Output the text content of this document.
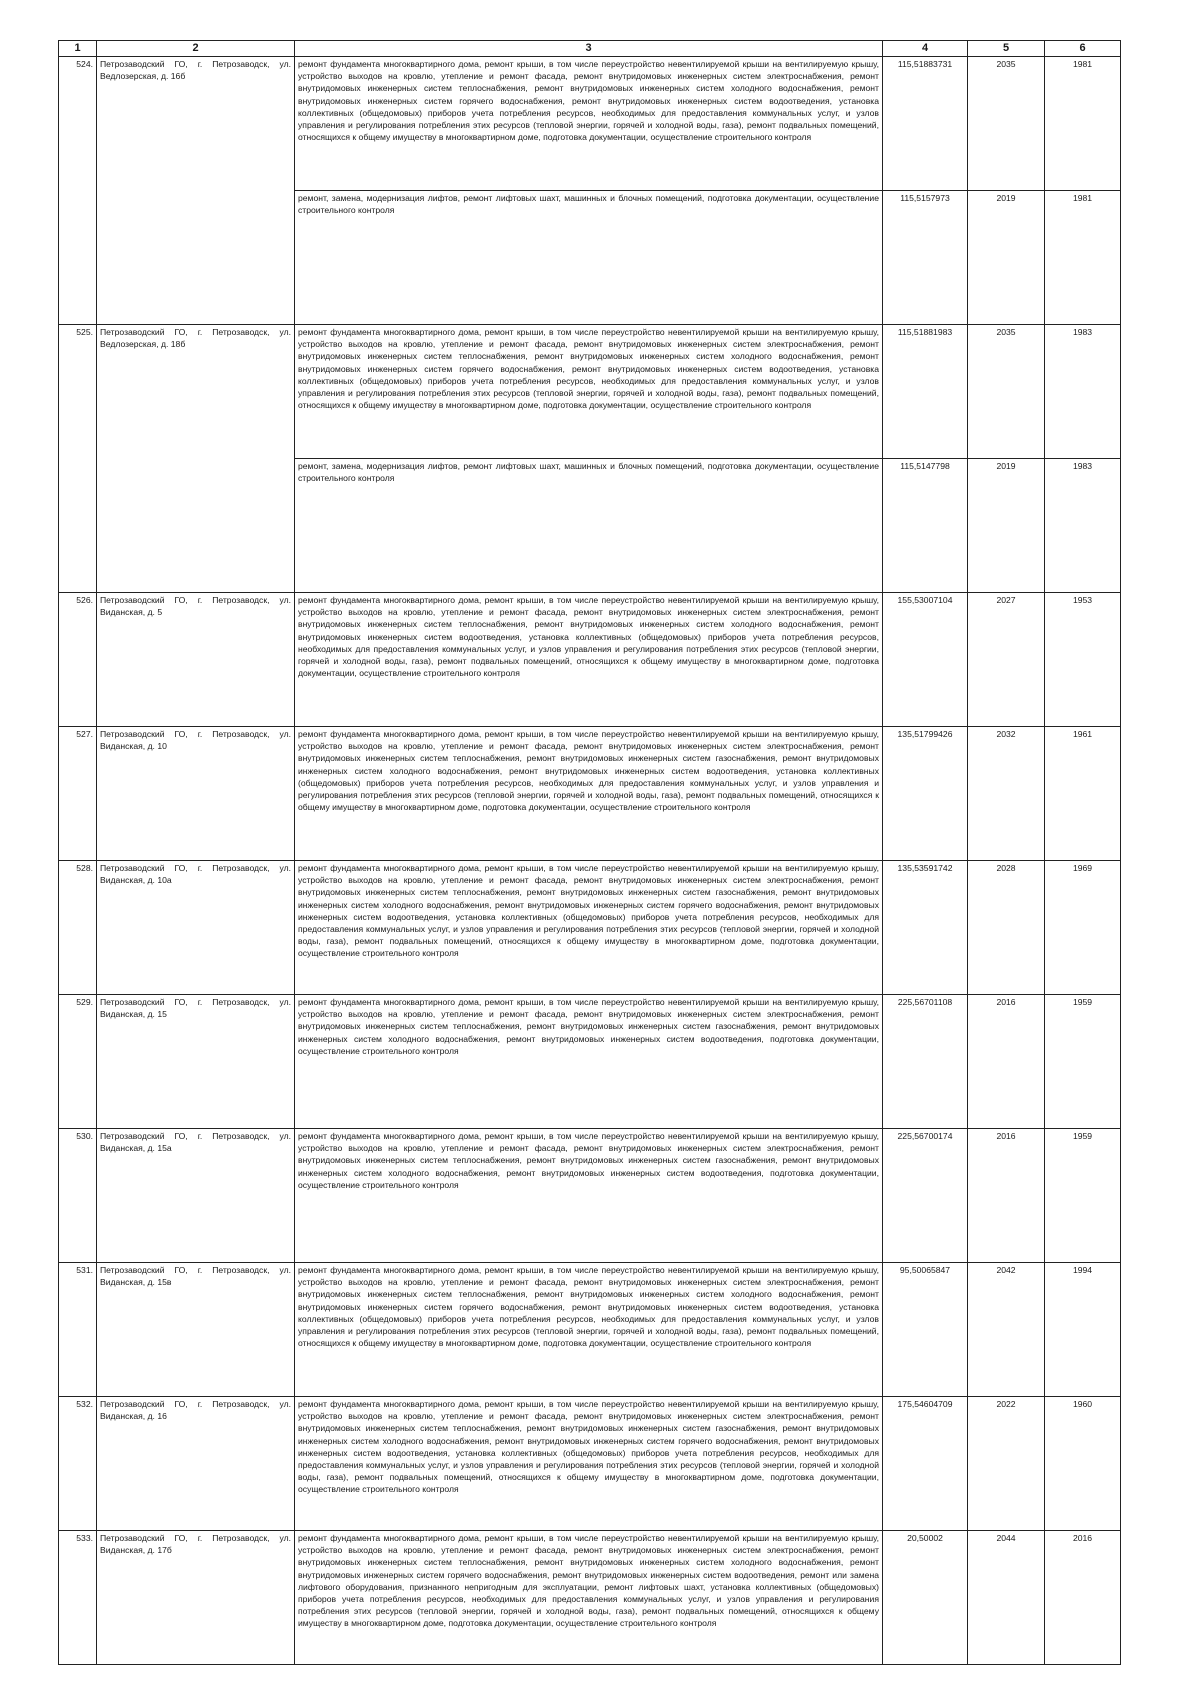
1	2	3	4	5	6
524.	Петрозаводский ГО, г. Петрозаводск, ул. Ведлозерская, д. 16б	ремонт фундамента многоквартирного дома, ремонт крыши, в том числе переустройство невентилируемой крыши на вентилируемую крышу, устройство выходов на кровлю, утепление и ремонт фасада, ремонт внутридомовых инженерных систем электроснабжения, ремонт внутридомовых инженерных систем теплоснабжения, ремонт внутридомовых инженерных систем холодного водоснабжения, ремонт внутридомовых инженерных систем горячего водоснабжения, ремонт внутридомовых инженерных систем водоотведения, установка коллективных (общедомовых) приборов учета потребления ресурсов, необходимых для предоставления коммунальных услуг, и узлов управления и регулирования потребления этих ресурсов (тепловой энергии, горячей и холодной воды, газа), ремонт подвальных помещений, относящихся к общему имуществу в многоквартирном доме, подготовка документации, осуществление строительного контроля	115,51883731	2035	1981
		ремонт, замена, модернизация лифтов, ремонт лифтовых шахт, машинных и блочных помещений, подготовка документации, осуществление строительного контроля	115,5157973	2019	1981
525.	Петрозаводский ГО, г. Петрозаводск, ул. Ведлозерская, д. 18б	ремонт фундамента многоквартирного дома, ремонт крыши, в том числе переустройство невентилируемой крыши на вентилируемую крышу, устройство выходов на кровлю, утепление и ремонт фасада, ремонт внутридомовых инженерных систем электроснабжения, ремонт внутридомовых инженерных систем теплоснабжения, ремонт внутридомовых инженерных систем холодного водоснабжения, ремонт внутридомовых инженерных систем горячего водоснабжения, ремонт внутридомовых инженерных систем водоотведения, установка коллективных (общедомовых) приборов учета потребления ресурсов, необходимых для предоставления коммунальных услуг, и узлов управления и регулирования потребления этих ресурсов (тепловой энергии, горячей и холодной воды, газа), ремонт подвальных помещений, относящихся к общему имуществу в многоквартирном доме, подготовка документации, осуществление строительного контроля	115,51881983	2035	1983
		ремонт, замена, модернизация лифтов, ремонт лифтовых шахт, машинных и блочных помещений, подготовка документации, осуществление строительного контроля	115,5147798	2019	1983
526.	Петрозаводский ГО, г. Петрозаводск, ул. Виданская, д. 5	ремонт фундамента многоквартирного дома, ремонт крыши, в том числе переустройство невентилируемой крыши на вентилируемую крышу, устройство выходов на кровлю, утепление и ремонт фасада, ремонт внутридомовых инженерных систем электроснабжения, ремонт внутридомовых инженерных систем теплоснабжения, ремонт внутридомовых инженерных систем холодного водоснабжения, ремонт внутридомовых инженерных систем водоотведения, установка коллективных (общедомовых) приборов учета потребления ресурсов, необходимых для предоставления коммунальных услуг, и узлов управления и регулирования потребления этих ресурсов (тепловой энергии, горячей и холодной воды, газа), ремонт подвальных помещений, относящихся к общему имуществу в многоквартирном доме, подготовка документации, осуществление строительного контроля	155,53007104	2027	1953
527.	Петрозаводский ГО, г. Петрозаводск, ул. Виданская, д. 10	ремонт фундамента многоквартирного дома, ремонт крыши, в том числе переустройство невентилируемой крыши на вентилируемую крышу, устройство выходов на кровлю, утепление и ремонт фасада, ремонт внутридомовых инженерных систем электроснабжения, ремонт внутридомовых инженерных систем теплоснабжения, ремонт внутридомовых инженерных систем газоснабжения, ремонт внутридомовых инженерных систем холодного водоснабжения, ремонт внутридомовых инженерных систем водоотведения, установка коллективных (общедомовых) приборов учета потребления ресурсов, необходимых для предоставления коммунальных услуг, и узлов управления и регулирования потребления этих ресурсов (тепловой энергии, горячей и холодной воды, газа), ремонт подвальных помещений, относящихся к общему имуществу в многоквартирном доме, подготовка документации, осуществление строительного контроля	135,51799426	2032	1961
528.	Петрозаводский ГО, г. Петрозаводск, ул. Виданская, д. 10а	ремонт фундамента многоквартирного дома, ремонт крыши, в том числе переустройство невентилируемой крыши на вентилируемую крышу, устройство выходов на кровлю, утепление и ремонт фасада, ремонт внутридомовых инженерных систем электроснабжения, ремонт внутридомовых инженерных систем теплоснабжения, ремонт внутридомовых инженерных систем газоснабжения, ремонт внутридомовых инженерных систем холодного водоснабжения, ремонт внутридомовых инженерных систем горячего водоснабжения, ремонт внутридомовых инженерных систем водоотведения, установка коллективных (общедомовых) приборов учета потребления ресурсов, необходимых для предоставления коммунальных услуг, и узлов управления и регулирования потребления этих ресурсов (тепловой энергии, горячей и холодной воды, газа), ремонт подвальных помещений, относящихся к общему имуществу в многоквартирном доме, подготовка документации, осуществление строительного контроля	135,53591742	2028	1969
529.	Петрозаводский ГО, г. Петрозаводск, ул. Виданская, д. 15	ремонт фундамента многоквартирного дома, ремонт крыши, в том числе переустройство невентилируемой крыши на вентилируемую крышу, устройство выходов на кровлю, утепление и ремонт фасада, ремонт внутридомовых инженерных систем электроснабжения, ремонт внутридомовых инженерных систем теплоснабжения, ремонт внутридомовых инженерных систем газоснабжения, ремонт внутридомовых инженерных систем холодного водоснабжения, ремонт внутридомовых инженерных систем водоотведения, подготовка документации, осуществление строительного контроля	225,56701108	2016	1959
530.	Петрозаводский ГО, г. Петрозаводск, ул. Виданская, д. 15а	ремонт фундамента многоквартирного дома, ремонт крыши, в том числе переустройство невентилируемой крыши на вентилируемую крышу, устройство выходов на кровлю, утепление и ремонт фасада, ремонт внутридомовых инженерных систем электроснабжения, ремонт внутридомовых инженерных систем теплоснабжения, ремонт внутридомовых инженерных систем газоснабжения, ремонт внутридомовых инженерных систем холодного водоснабжения, ремонт внутридомовых инженерных систем водоотведения, подготовка документации, осуществление строительного контроля	225,56700174	2016	1959
531.	Петрозаводский ГО, г. Петрозаводск, ул. Виданская, д. 15в	ремонт фундамента многоквартирного дома, ремонт крыши, в том числе переустройство невентилируемой крыши на вентилируемую крышу, устройство выходов на кровлю, утепление и ремонт фасада, ремонт внутридомовых инженерных систем электроснабжения, ремонт внутридомовых инженерных систем теплоснабжения, ремонт внутридомовых инженерных систем холодного водоснабжения, ремонт внутридомовых инженерных систем горячего водоснабжения, ремонт внутридомовых инженерных систем водоотведения, установка коллективных (общедомовых) приборов учета потребления ресурсов, необходимых для предоставления коммунальных услуг, и узлов управления и регулирования потребления этих ресурсов (тепловой энергии, горячей и холодной воды, газа), ремонт подвальных помещений, относящихся к общему имуществу в многоквартирном доме, подготовка документации, осуществление строительного контроля	95,50065847	2042	1994
532.	Петрозаводский ГО, г. Петрозаводск, ул. Виданская, д. 16	ремонт фундамента многоквартирного дома, ремонт крыши, в том числе переустройство невентилируемой крыши на вентилируемую крышу, устройство выходов на кровлю, утепление и ремонт фасада, ремонт внутридомовых инженерных систем электроснабжения, ремонт внутридомовых инженерных систем теплоснабжения, ремонт внутридомовых инженерных систем газоснабжения, ремонт внутридомовых инженерных систем холодного водоснабжения, ремонт внутридомовых инженерных систем горячего водоснабжения, ремонт внутридомовых инженерных систем водоотведения, установка коллективных (общедомовых) приборов учета потребления ресурсов, необходимых для предоставления коммунальных услуг, и узлов управления и регулирования потребления этих ресурсов (тепловой энергии, горячей и холодной воды, газа), ремонт подвальных помещений, относящихся к общему имуществу в многоквартирном доме, подготовка документации, осуществление строительного контроля	175,54604709	2022	1960
533.	Петрозаводский ГО, г. Петрозаводск, ул. Виданская, д. 17б	ремонт фундамента многоквартирного дома, ремонт крыши, в том числе переустройство невентилируемой крыши на вентилируемую крышу, устройство выходов на кровлю, утепление и ремонт фасада, ремонт внутридомовых инженерных систем электроснабжения, ремонт внутридомовых инженерных систем теплоснабжения, ремонт внутридомовых инженерных систем холодного водоснабжения, ремонт внутридомовых инженерных систем горячего водоснабжения, ремонт внутридомовых инженерных систем водоотведения, ремонт или замена лифтового оборудования, признанного непригодным для эксплуатации, ремонт лифтовых шахт, установка коллективных (общедомовых) приборов учета потребления ресурсов, необходимых для предоставления коммунальных услуг, и узлов управления и регулирования потребления этих ресурсов (тепловой энергии, горячей и холодной воды, газа), ремонт подвальных помещений, относящихся к общему имуществу в многоквартирном доме, подготовка документации, осуществление строительного контроля	20,50002	2044	2016
